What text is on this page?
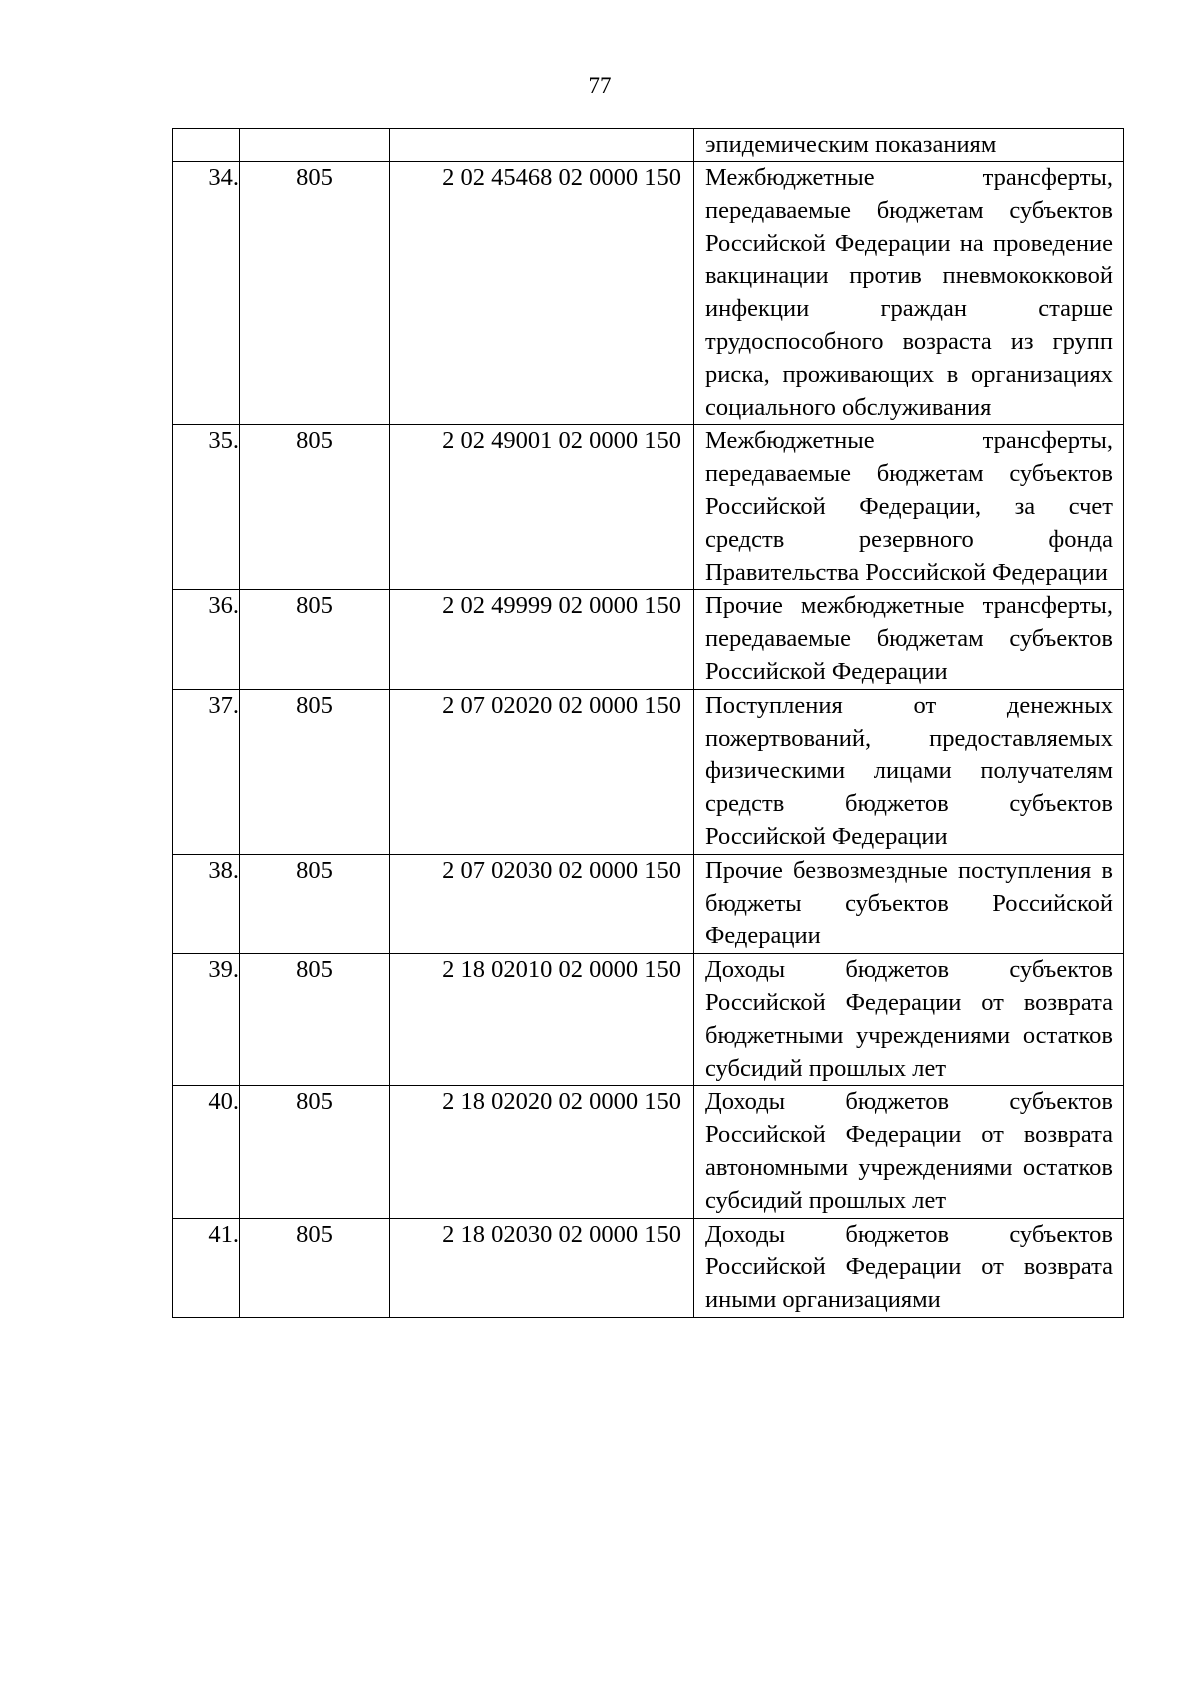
77
			эпидемическим показаниям
34.	805	2 02 45468 02 0000 150	Межбюджетные трансферты, передаваемые бюджетам субъектов Российской Федерации на проведение вакцинации против пневмококковой инфекции граждан старше трудоспособного возраста из групп риска, проживающих в организациях социального обслуживания
35.	805	2 02 49001 02 0000 150	Межбюджетные трансферты, передаваемые бюджетам субъектов Российской Федерации, за счет средств резервного фонда Правительства Российской Федерации
36.	805	2 02 49999 02 0000 150	Прочие межбюджетные трансферты, передаваемые бюджетам субъектов Российской Федерации
37.	805	2 07 02020 02 0000 150	Поступления от денежных пожертвований, предоставляемых физическими лицами получателям средств бюджетов субъектов Российской Федерации
38.	805	2 07 02030 02 0000 150	Прочие безвозмездные поступления в бюджеты субъектов Российской Федерации
39.	805	2 18 02010 02 0000 150	Доходы бюджетов субъектов Российской Федерации от возврата бюджетными учреждениями остатков субсидий прошлых лет
40.	805	2 18 02020 02 0000 150	Доходы бюджетов субъектов Российской Федерации от возврата автономными учреждениями остатков субсидий прошлых лет
41.	805	2 18 02030 02 0000 150	Доходы бюджетов субъектов Российской Федерации от возврата иными организациями
